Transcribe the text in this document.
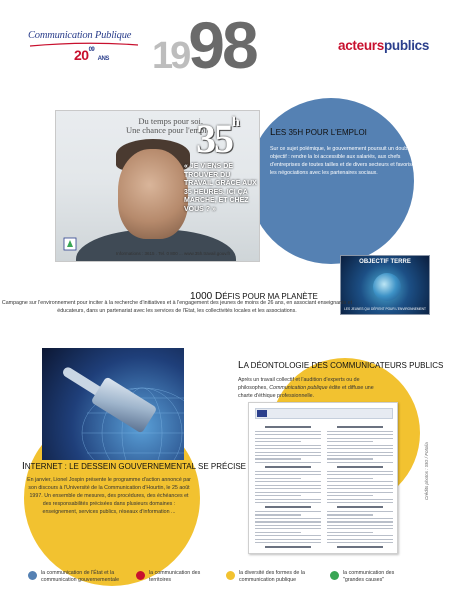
Communication Publique
$20^{09}$ ANS 1998	acteurspublics
Du temps pour soi.
Une chance pour l'emploi.
35$^h$
« JE VIENS DE TROUVER DU TRAVAIL GRÂCE AUX 35 HEURES. ICI ÇA MARCHE, ET CHEZ VOUS ? »
Informations : 3615 . Tel. 0 800 ... www.35h.travail.gouv.fr
LES 35H POUR L'EMPLOI
Sur ce sujet polémique, le gouvernement poursuit un double objectif : rendre la loi accessible aux salariés, aux chefs d'entreprises de toutes tailles et de divers secteurs et favoriser les négociations avec les partenaires sociaux.
OBJECTIF TERRE
LES JEUNES QUI DÉFIENT POUR L'ENVIRONNEMENT
1000 DÉFIS POUR MA PLANÈTE
Campagne sur l'environnement pour inciter à la recherche d'initiatives et à l'engagement des jeunes de moins de 26 ans, en associant enseignants et éducateurs, dans un partenariat avec les services de l'Etat, les collectivités locales et les associations.
INTERNET : LE DESSEIN GOUVERNEMENTAL SE PRÉCISE
En janvier, Lionel Jospin présente le programme d'action annoncé par son discours à l'Université de la Communication d'Hourtin, le 25 août 1997. Un ensemble de mesures, des procédures, des échéances et des responsabilités précisées dans plusieurs domaines : enseignement, services publics, réseaux d'information ...
LA DÉONTOLOGIE DES COMMUNICATEURS PUBLICS
Après un travail collectif et l'audition d'experts ou de philosophes, Communication publique édite et diffuse une charte d'éthique professionnelle.
Crédits photos : SIG / Fotolia
la communication de l'État et la communication gouvernementale
la communication des territoires
la diversité des formes de la communication publique
la communication des "grandes causes"
